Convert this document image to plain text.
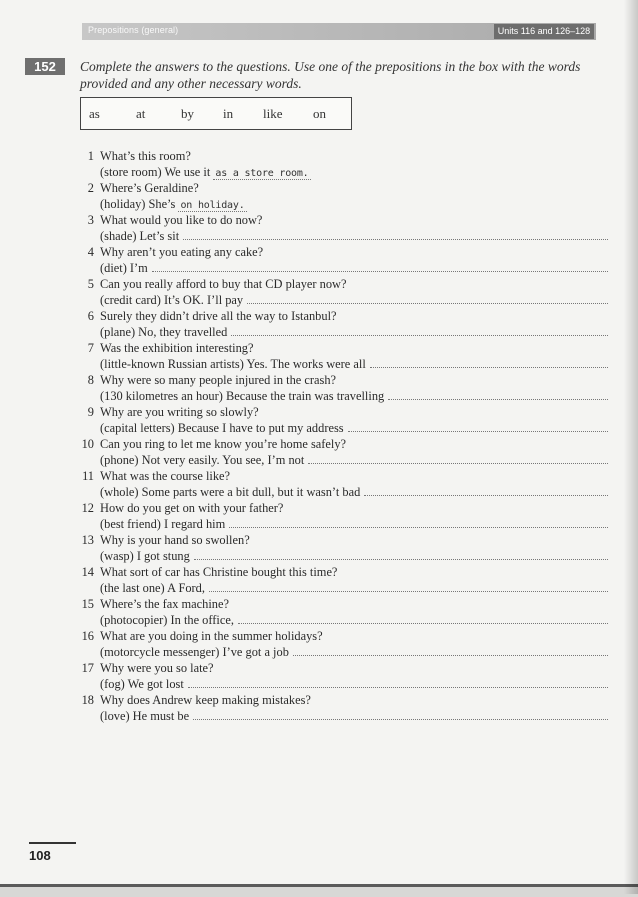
Prepositions (general)	Units 116 and 126–128
152	Complete the answers to the questions. Use one of the prepositions in the box with the words provided and any other necessary words.
as	at	by in like on
1 What’s this room?
(store room) We use it as a store room.
2 Where’s Geraldine?
(holiday) She’s on holiday.
3 What would you like to do now?
(shade) Let’s sit
4 Why aren’t you eating any cake?
(diet) I’m
5 Can you really afford to buy that CD player now?
(credit card) It’s OK. I’ll pay
6 Surely they didn’t drive all the way to Istanbul?
(plane) No, they travelled
7 Was the exhibition interesting?
(little-known Russian artists) Yes. The works were all
8 Why were so many people injured in the crash?
(130 kilometres an hour) Because the train was travelling
9 Why are you writing so slowly?
(capital letters) Because I have to put my address
10 Can you ring to let me know you’re home safely?
(phone) Not very easily. You see, I’m not
11 What was the course like?
(whole) Some parts were a bit dull, but it wasn’t bad
12 How do you get on with your father?
(best friend) I regard him
13 Why is your hand so swollen?
(wasp) I got stung
14 What sort of car has Christine bought this time?
(the last one) A Ford,
15 Where’s the fax machine?
(photocopier) In the office,
16 What are you doing in the summer holidays?
(motorcycle messenger) I’ve got a job
17 Why were you so late?
(fog) We got lost
18 Why does Andrew keep making mistakes?
(love) He must be
108
